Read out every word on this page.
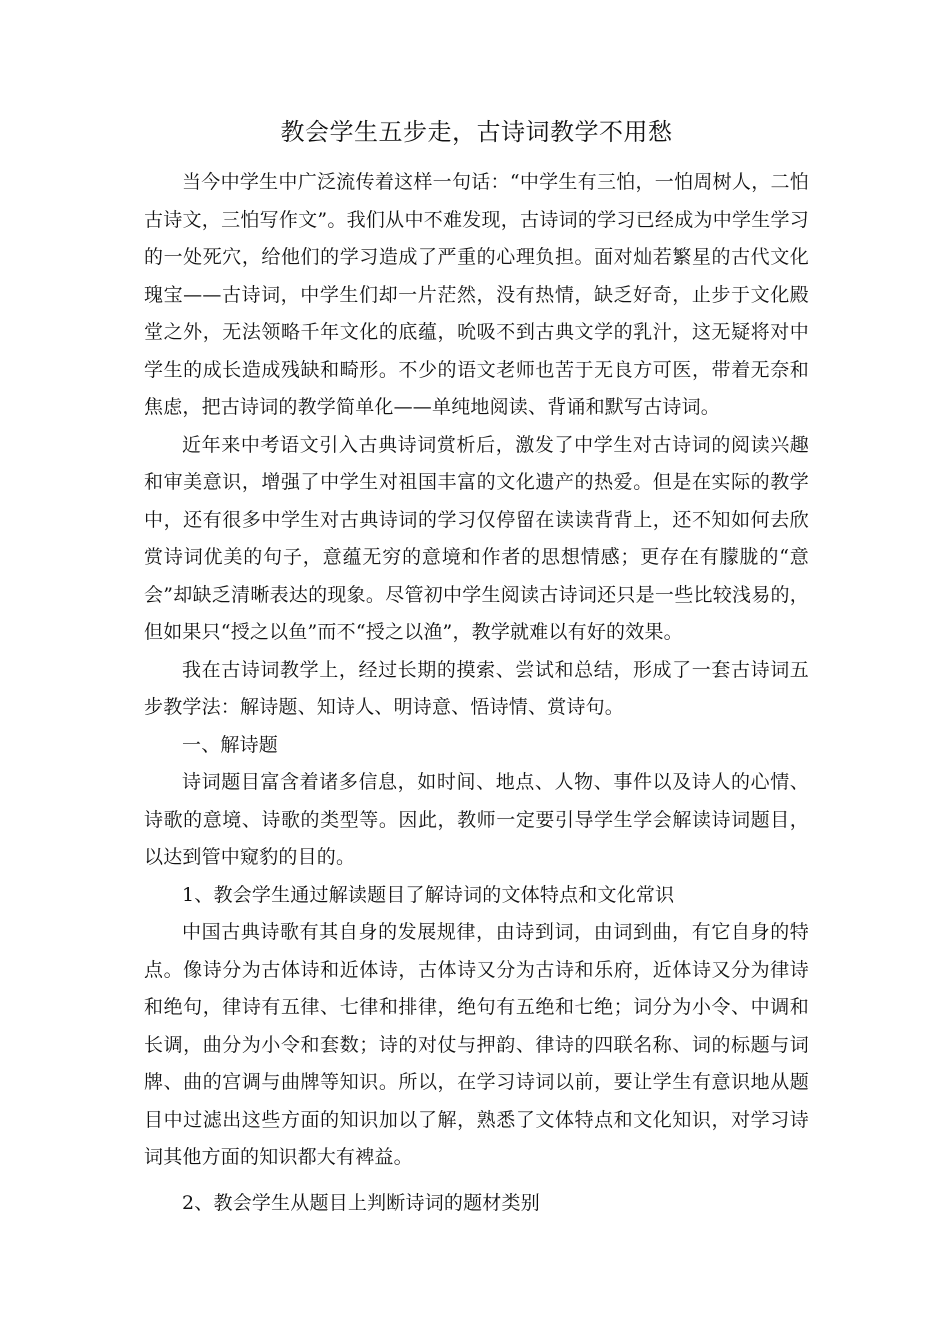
教会学生五步走，古诗词教学不用愁

当今中学生中广泛流传着这样一句话：“中学生有三怕，一怕周树人，二怕古诗文，三怕写作文”。我们从中不难发现，古诗词的学习已经成为中学生学习的一处死穴，给他们的学习造成了严重的心理负担。面对灿若繁星的古代文化瑰宝——古诗词，中学生们却一片茫然，没有热情，缺乏好奇，止步于文化殿堂之外，无法领略千年文化的底蕴，吮吸不到古典文学的乳汁，这无疑将对中学生的成长造成残缺和畸形。不少的语文老师也苦于无良方可医，带着无奈和焦虑，把古诗词的教学简单化——单纯地阅读、背诵和默写古诗词。

近年来中考语文引入古典诗词赏析后，激发了中学生对古诗词的阅读兴趣和审美意识，增强了中学生对祖国丰富的文化遗产的热爱。但是在实际的教学中，还有很多中学生对古典诗词的学习仅停留在读读背背上，还不知如何去欣赏诗词优美的句子，意蕴无穷的意境和作者的思想情感；更存在有朦胧的“意会”却缺乏清晰表达的现象。尽管初中学生阅读古诗词还只是一些比较浅易的，但如果只“授之以鱼”而不“授之以渔”，教学就难以有好的效果。

我在古诗词教学上，经过长期的摸索、尝试和总结，形成了一套古诗词五步教学法：解诗题、知诗人、明诗意、悟诗情、赏诗句。

一、解诗题

诗词题目富含着诸多信息，如时间、地点、人物、事件以及诗人的心情、诗歌的意境、诗歌的类型等。因此，教师一定要引导学生学会解读诗词题目，以达到管中窥豹的目的。

1、教会学生通过解读题目了解诗词的文体特点和文化常识

中国古典诗歌有其自身的发展规律，由诗到词，由词到曲，有它自身的特点。像诗分为古体诗和近体诗，古体诗又分为古诗和乐府，近体诗又分为律诗和绝句，律诗有五律、七律和排律，绝句有五绝和七绝；词分为小令、中调和长调，曲分为小令和套数；诗的对仗与押韵、律诗的四联名称、词的标题与词牌、曲的宫调与曲牌等知识。所以，在学习诗词以前，要让学生有意识地从题目中过滤出这些方面的知识加以了解，熟悉了文体特点和文化知识，对学习诗词其他方面的知识都大有裨益。

2、教会学生从题目上判断诗词的题材类别
